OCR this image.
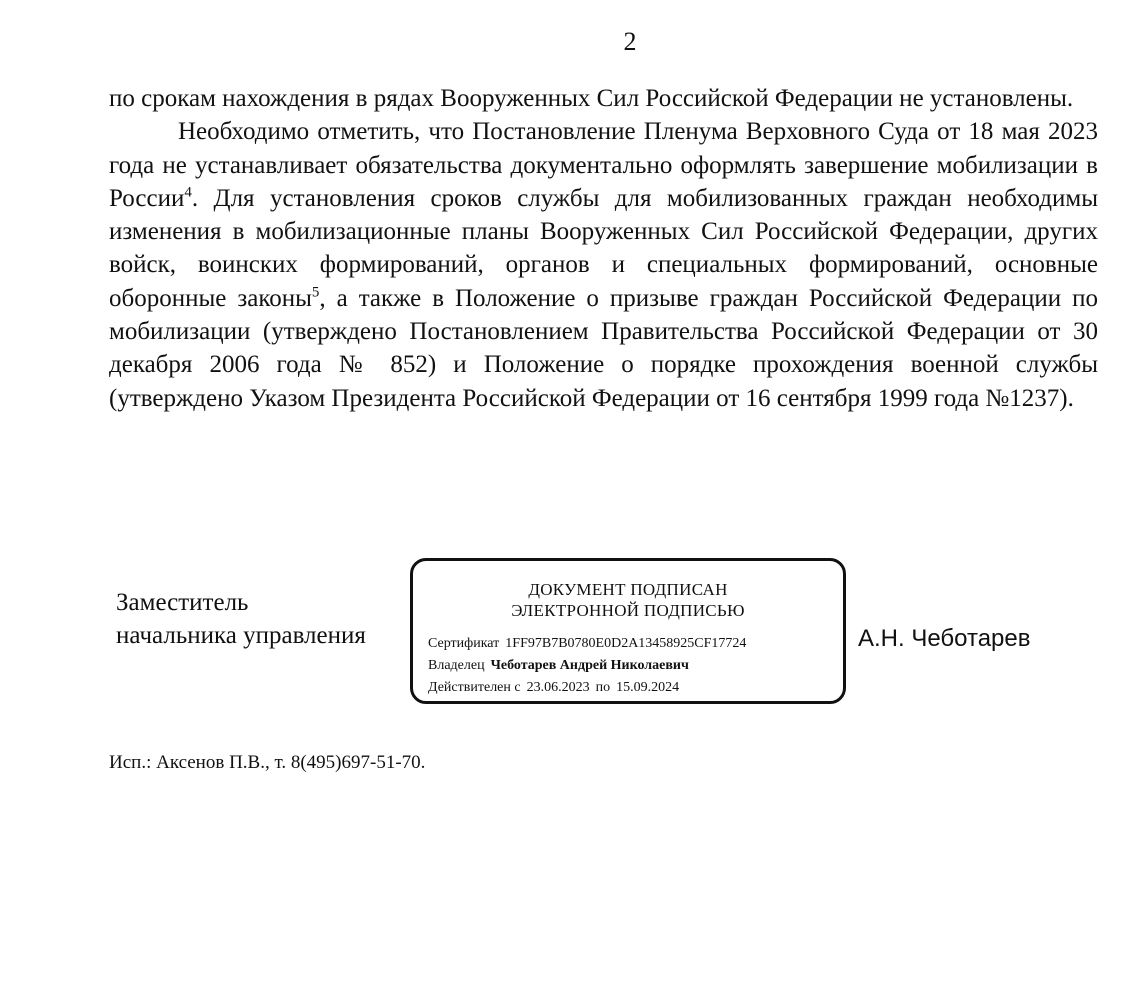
2

по срокам нахождения в рядах Вооруженных Сил Российской Федерации не установлены.

Необходимо отметить, что Постановление Пленума Верховного Суда от 18 мая 2023 года не устанавливает обязательства документально оформлять завершение мобилизации в России$^4$. Для установления сроков службы для мобилизованных граждан необходимы изменения в мобилизационные планы Вооруженных Сил Российской Федерации, других войск, воинских формирований, органов и специальных формирований, основные оборонные законы$^5$, а также в Положение о призыве граждан Российской Федерации по мобилизации (утверждено Постановлением Правительства Российской Федерации от 30 декабря 2006 года № 852) и Положение о порядке прохождения военной службы (утверждено Указом Президента Российской Федерации от 16 сентября 1999 года №1237).

Заместитель
начальника управления
ДОКУМЕНТ ПОДПИСАН
ЭЛЕКТРОННОЙ ПОДПИСЬЮ
Сертификат 1FF97B7B0780E0D2A13458925CF17724
Владелец Чеботарев Андрей Николаевич
Действителен с 23.06.2023 по 15.09.2024
А.Н. Чеботарев
Исп.: Аксенов П.В., т. 8(495)697-51-70.
